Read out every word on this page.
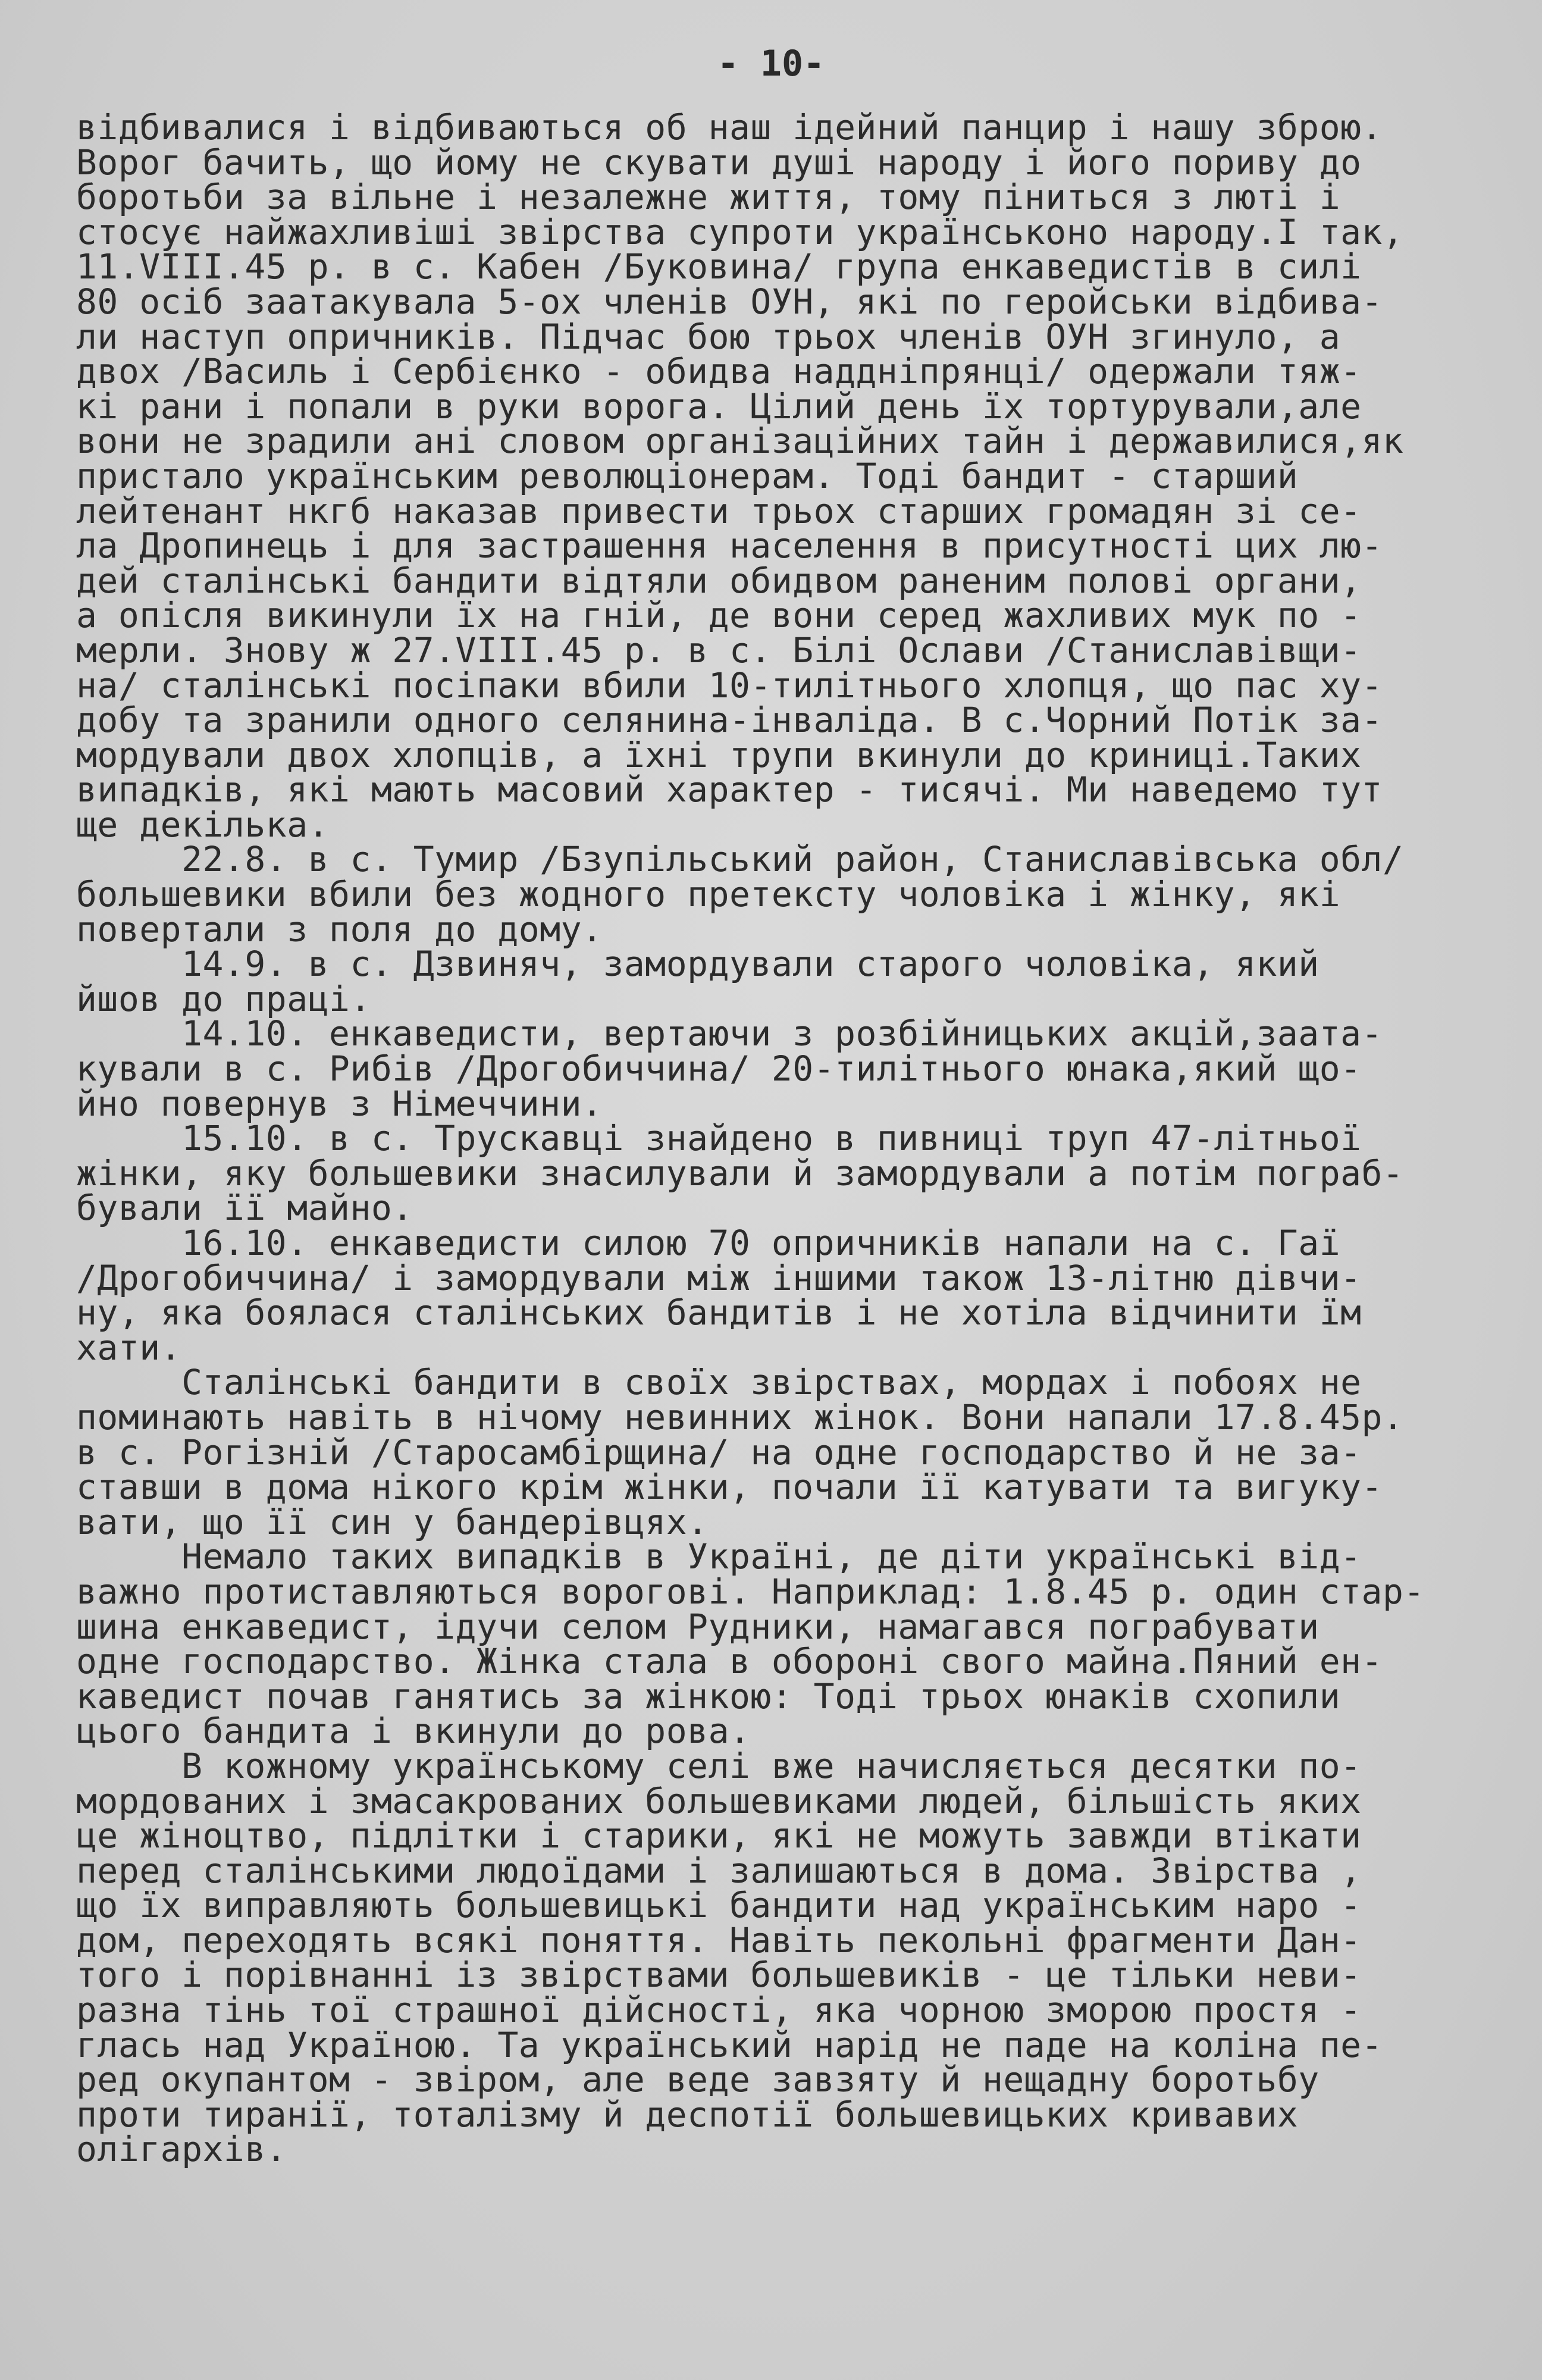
- 10-
відбивалися і відбиваються об наш ідейний панцир і нашу зброю.
Ворог бачить, що йому не скувати душі народу і його пориву до
боротьби за вільне і незалежне життя, тому піниться з люті і
стосує найжахливіші звірства супроти українськоно народу.І так,
11.VIII.45 р. в с. Кабен /Буковина/ група енкаведистів в силі
80 осіб заатакувала 5-ох членів ОУН, які по геройськи відбива-
ли наступ опричників. Підчас бою трьох членів ОУН згинуло, а
двох /Василь і Сербієнко - обидва наддніпрянці/ одержали тяж-
кі рани і попали в руки ворога. Цілий день їх тортурували,але
вони не зрадили ані словом організаційних тайн і державилися,як
пристало українським революціонерам. Тоді бандит - старший
лейтенант нкгб наказав привести трьох старших громадян зі се-
ла Дропинець і для застрашення населення в присутності цих лю-
дей сталінські бандити відтяли обидвом раненим полові органи,
а опісля викинули їх на гній, де вони серед жахливих мук по -
мерли. Знову ж 27.VIII.45 р. в с. Білі Ослави /Станиславівщи-
на/ сталінські посіпаки вбили 10-тилітнього хлопця, що пас ху-
добу та зранили одного селянина-інваліда. В с.Чорний Потік за-
мордували двох хлопців, а їхні трупи вкинули до криниці.Таких
випадків, які мають масовий характер - тисячі. Ми наведемо тут
ще декілька.
22.8. в с. Тумир /Бзупільський район, Станиславівська обл/
большевики вбили без жодного претексту чоловіка і жінку, які
повертали з поля до дому.
14.9. в с. Дзвиняч, замордували старого чоловіка, який
йшов до праці.
14.10. енкаведисти, вертаючи з розбійницьких акцій,заата-
кували в с. Рибів /Дрогобиччина/ 20-тилітнього юнака,який що-
йно повернув з Німеччини.
15.10. в с. Трускавці знайдено в пивниці труп 47-літньої
жінки, яку большевики знасилували й замордували а потім пограб-
бували її майно.
16.10. енкаведисти силою 70 опричників напали на с. Гаї
/Дрогобиччина/ і замордували між іншими також 13-літню дівчи-
ну, яка боялася сталінських бандитів і не хотіла відчинити їм
хати.
Сталінські бандити в своїх звірствах, мордах і побоях не
поминають навіть в нічому невинних жінок. Вони напали 17.8.45р.
в с. Рогізній /Старосамбірщина/ на одне господарство й не за-
ставши в дома нікого крім жінки, почали її катувати та вигуку-
вати, що її син у бандерівцях.
Немало таких випадків в Україні, де діти українські від-
важно протиставляються ворогові. Наприклад: 1.8.45 р. один стар-
шина енкаведист, ідучи селом Рудники, намагався пограбувати
одне господарство. Жінка стала в обороні свого майна.Пяний ен-
каведист почав ганятись за жінкою: Тоді трьох юнаків схопили
цього бандита і вкинули до рова.
В кожному українському селі вже начисляється десятки по-
мордованих і змасакрованих большевиками людей, більшість яких
це жіноцтво, підлітки і старики, які не можуть завжди втікати
перед сталінськими людоїдами і залишаються в дома. Звірства ,
що їх виправляють большевицькі бандити над українським наро -
дом, переходять всякі поняття. Навіть пекольні фрагменти Дан-
того і порівнанні із звірствами большевиків - це тільки неви-
разна тінь тої страшної дійсності, яка чорною зморою простя -
глась над Україною. Та український нарід не паде на коліна пе-
ред окупантом - звіром, але веде завзяту й нещадну боротьбу
проти тиранії, тоталізму й деспотії большевицьких кривавих
олігархів.
